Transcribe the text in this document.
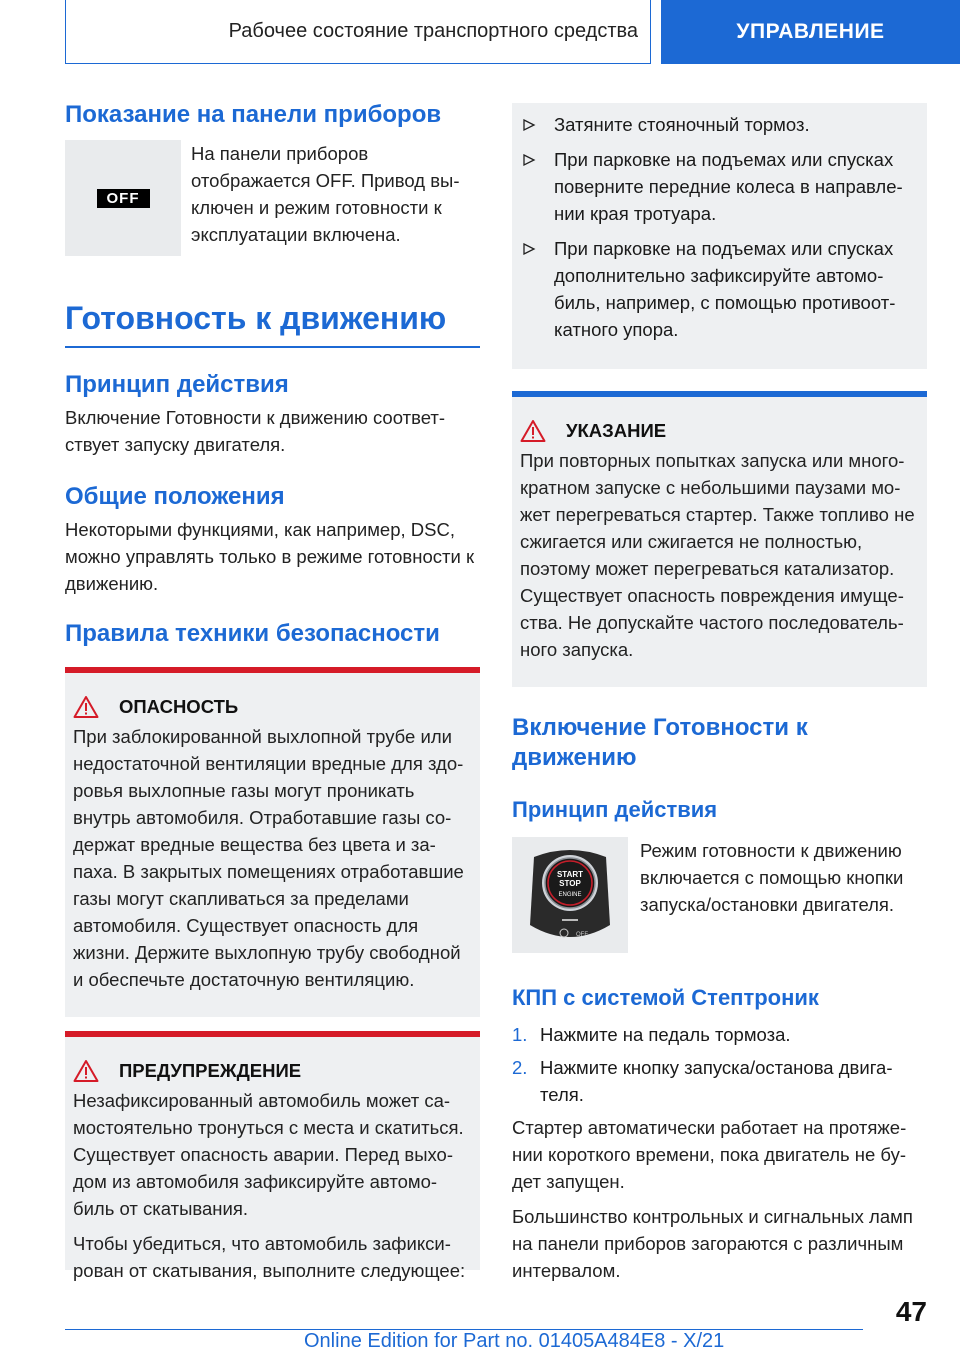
Рабочее состояние транспортного средства	УПРАВЛЕНИЕ
Показание на панели приборов
OFF

На панели приборов отображается OFF. Привод вы-ключен и режим готовности к эксплуатации включена.

Готовность к движению
Принцип действия

Включение Готовности к движению соответ-ствует запуску двигателя.

Общие положения

Некоторыми функциями, как например, DSC, можно управлять только в режиме готовности к движению.

Правила техники безопасности
ОПАСНОСТЬ

При заблокированной выхлопной трубе или недостаточной вентиляции вредные для здо-ровья выхлопные газы могут проникать внутрь автомобиля. Отработавшие газы со-держат вредные вещества без цвета и за-паха. В закрытых помещениях отработавшие газы могут скапливаться за пределами автомобиля. Существует опасность для жизни. Держите выхлопную трубу свободной и обеспечьте достаточную вентиляцию.

ПРЕДУПРЕЖДЕНИЕ

Незафиксированный автомобиль может са-мостоятельно тронуться с места и скатиться. Существует опасность аварии. Перед выхо-дом из автомобиля зафиксируйте автомо-биль от скатывания.

Чтобы убедиться, что автомобиль зафикси-рован от скатывания, выполните следующее:

Затяните стояночный тормоз.
При парковке на подъемах или спусках поверните передние колеса в направле-нии края тротуара.
При парковке на подъемах или спусках дополнительно зафиксируйте автомо-биль, например, с помощью противоот-катного упора.
УКАЗАНИЕ

При повторных попытках запуска или много-кратном запуске с небольшими паузами мо-жет перегреваться стартер. Также топливо не сжигается или сжигается не полностью, поэтому может перегреваться катализатор. Существует опасность повреждения имуще-ства. Не допускайте частого последователь-ного запуска.

Включение Готовности к движению
Принцип действия
START
STOP
ENGINE
OFF

Режим готовности к движению включается с помощью кнопки запуска/остановки двигателя.

КПП с системой Стептроник
1. Нажмите на педаль тормоза.
2. Нажмите кнопку запуска/останова двига-теля.

Стартер автоматически работает на протяже-нии короткого времени, пока двигатель не бу-дет запущен.

Большинство контрольных и сигнальных ламп на панели приборов загораются с различным интервалом.

47
Online Edition for Part no. 01405A484E8 - X/21
